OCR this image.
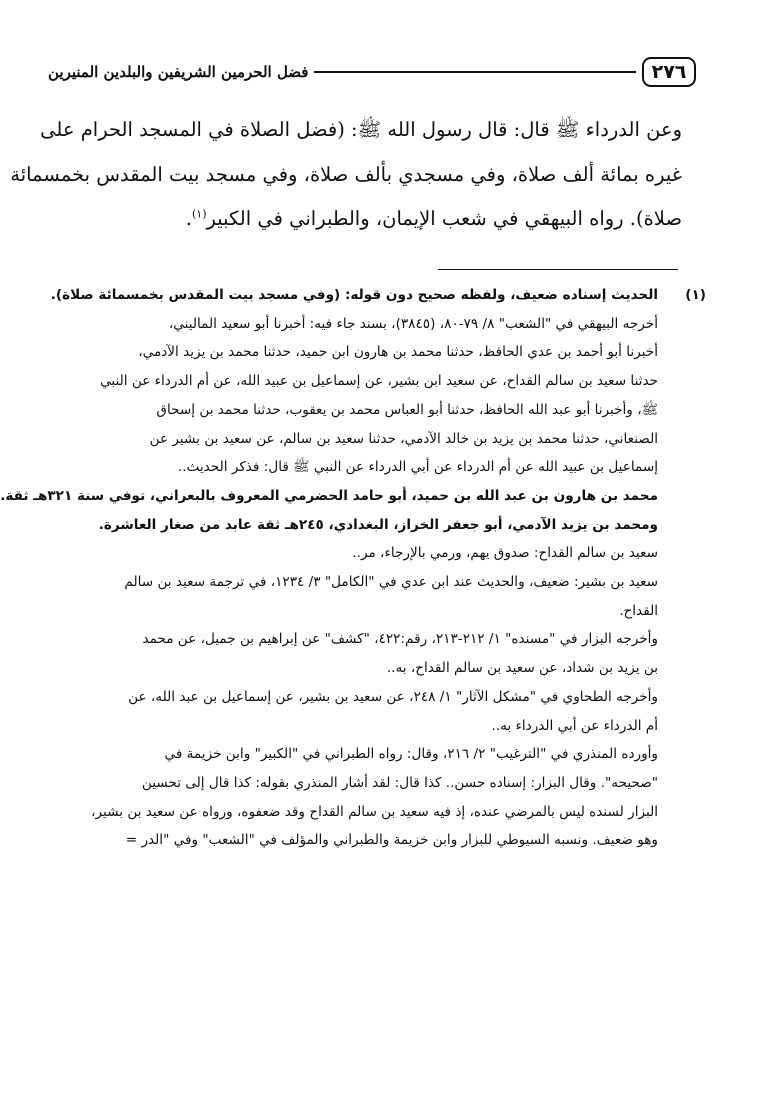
٢٧٦
فضل الحرمين الشريفين والبلدين المنيرين
وعن الدرداء ﷺ قال: قال رسول الله ﷺ: (فضل الصلاة في المسجد الحرام على
غيره بمائة ألف صلاة، وفي مسجدي بألف صلاة، وفي مسجد بيت المقدس بخمسمائة
صلاة). رواه البيهقي في شعب الإيمان، والطبراني في الكبير$^{(١)}$.
(١)
الحديث إسناده ضعيف، ولفظه صحيح دون قوله: (وفي مسجد بيت المقدس بخمسمائة صلاة).
أخرجه البيهقي في "الشعب" ٨/ ٧٩-٨٠، (٣٨٤٥)، بسند جاء فيه: أخبرنا أبو سعيد الماليني،
أخبرنا أبو أحمد بن عدي الحافظ، حدثنا محمد بن هارون ابن حميد، حدثنا محمد بن يزيد الآدمي،
حدثنا سعيد بن سالم القداح، عن سعيد ابن بشير، عن إسماعيل بن عبيد الله، عن أم الدرداء عن النبي
ﷺ، وأخبرنا أبو عبد الله الحافظ، حدثنا أبو العباس محمد بن يعقوب، حدثنا محمد بن إسحاق
الصنعاني، حدثنا محمد بن يزيد بن خالد الآدمي، حدثنا سعيد بن سالم، عن سعيد بن بشير عن
إسماعيل بن عبيد الله عن أم الدرداء عن أبي الدرداء عن النبي ﷺ قال: فذكر الحديث..
محمد بن هارون بن عبد الله بن حميد، أبو حامد الحضرمي المعروف بالبعراني، توفي سنة ٣٢١هـ ثقة.
ومحمد بن يزيد الآدمي، أبو جعفر الخراز، البغدادي، ٢٤٥هـ ثقة عابد من صغار العاشرة.
سعيد بن سالم القداح: صدوق يهم، ورمي بالإرجاء، مر..
سعيد بن بشير: ضعيف، والحديث عند ابن عدي في "الكامل" ٣/ ١٢٣٤، في ترجمة سعيد بن سالم
القداح.
وأخرجه البزار في "مسنده" ١/ ٢١٢-٢١٣، رقم:٤٢٢، "كشف" عن إبراهيم بن جميل، عن محمد
بن يزيد بن شداد، عن سعيد بن سالم القداح، به..
وأخرجه الطحاوي في "مشكل الآثار" ١/ ٢٤٨، عن سعيد بن بشير، عن إسماعيل بن عبد الله، عن
أم الدرداء عن أبي الدرداء به..
وأورده المنذري في "الترغيب" ٢/ ٢١٦، وقال: رواه الطبراني في "الكبير" وابن خزيمة في
"صحيحه". وقال البزار: إسناده حسن.. كذا قال: لقد أشار المنذري بقوله: كذا قال إلى تحسين
البزار لسنده ليس بالمرضي عنده، إذ فيه سعيد بن سالم القداح وقد ضعفوه، ورواه عن سعيد بن بشير،
وهو ضعيف. ونسبه السيوطي للبزار وابن خزيمة والطبراني والمؤلف في "الشعب" وفي "الدر =
